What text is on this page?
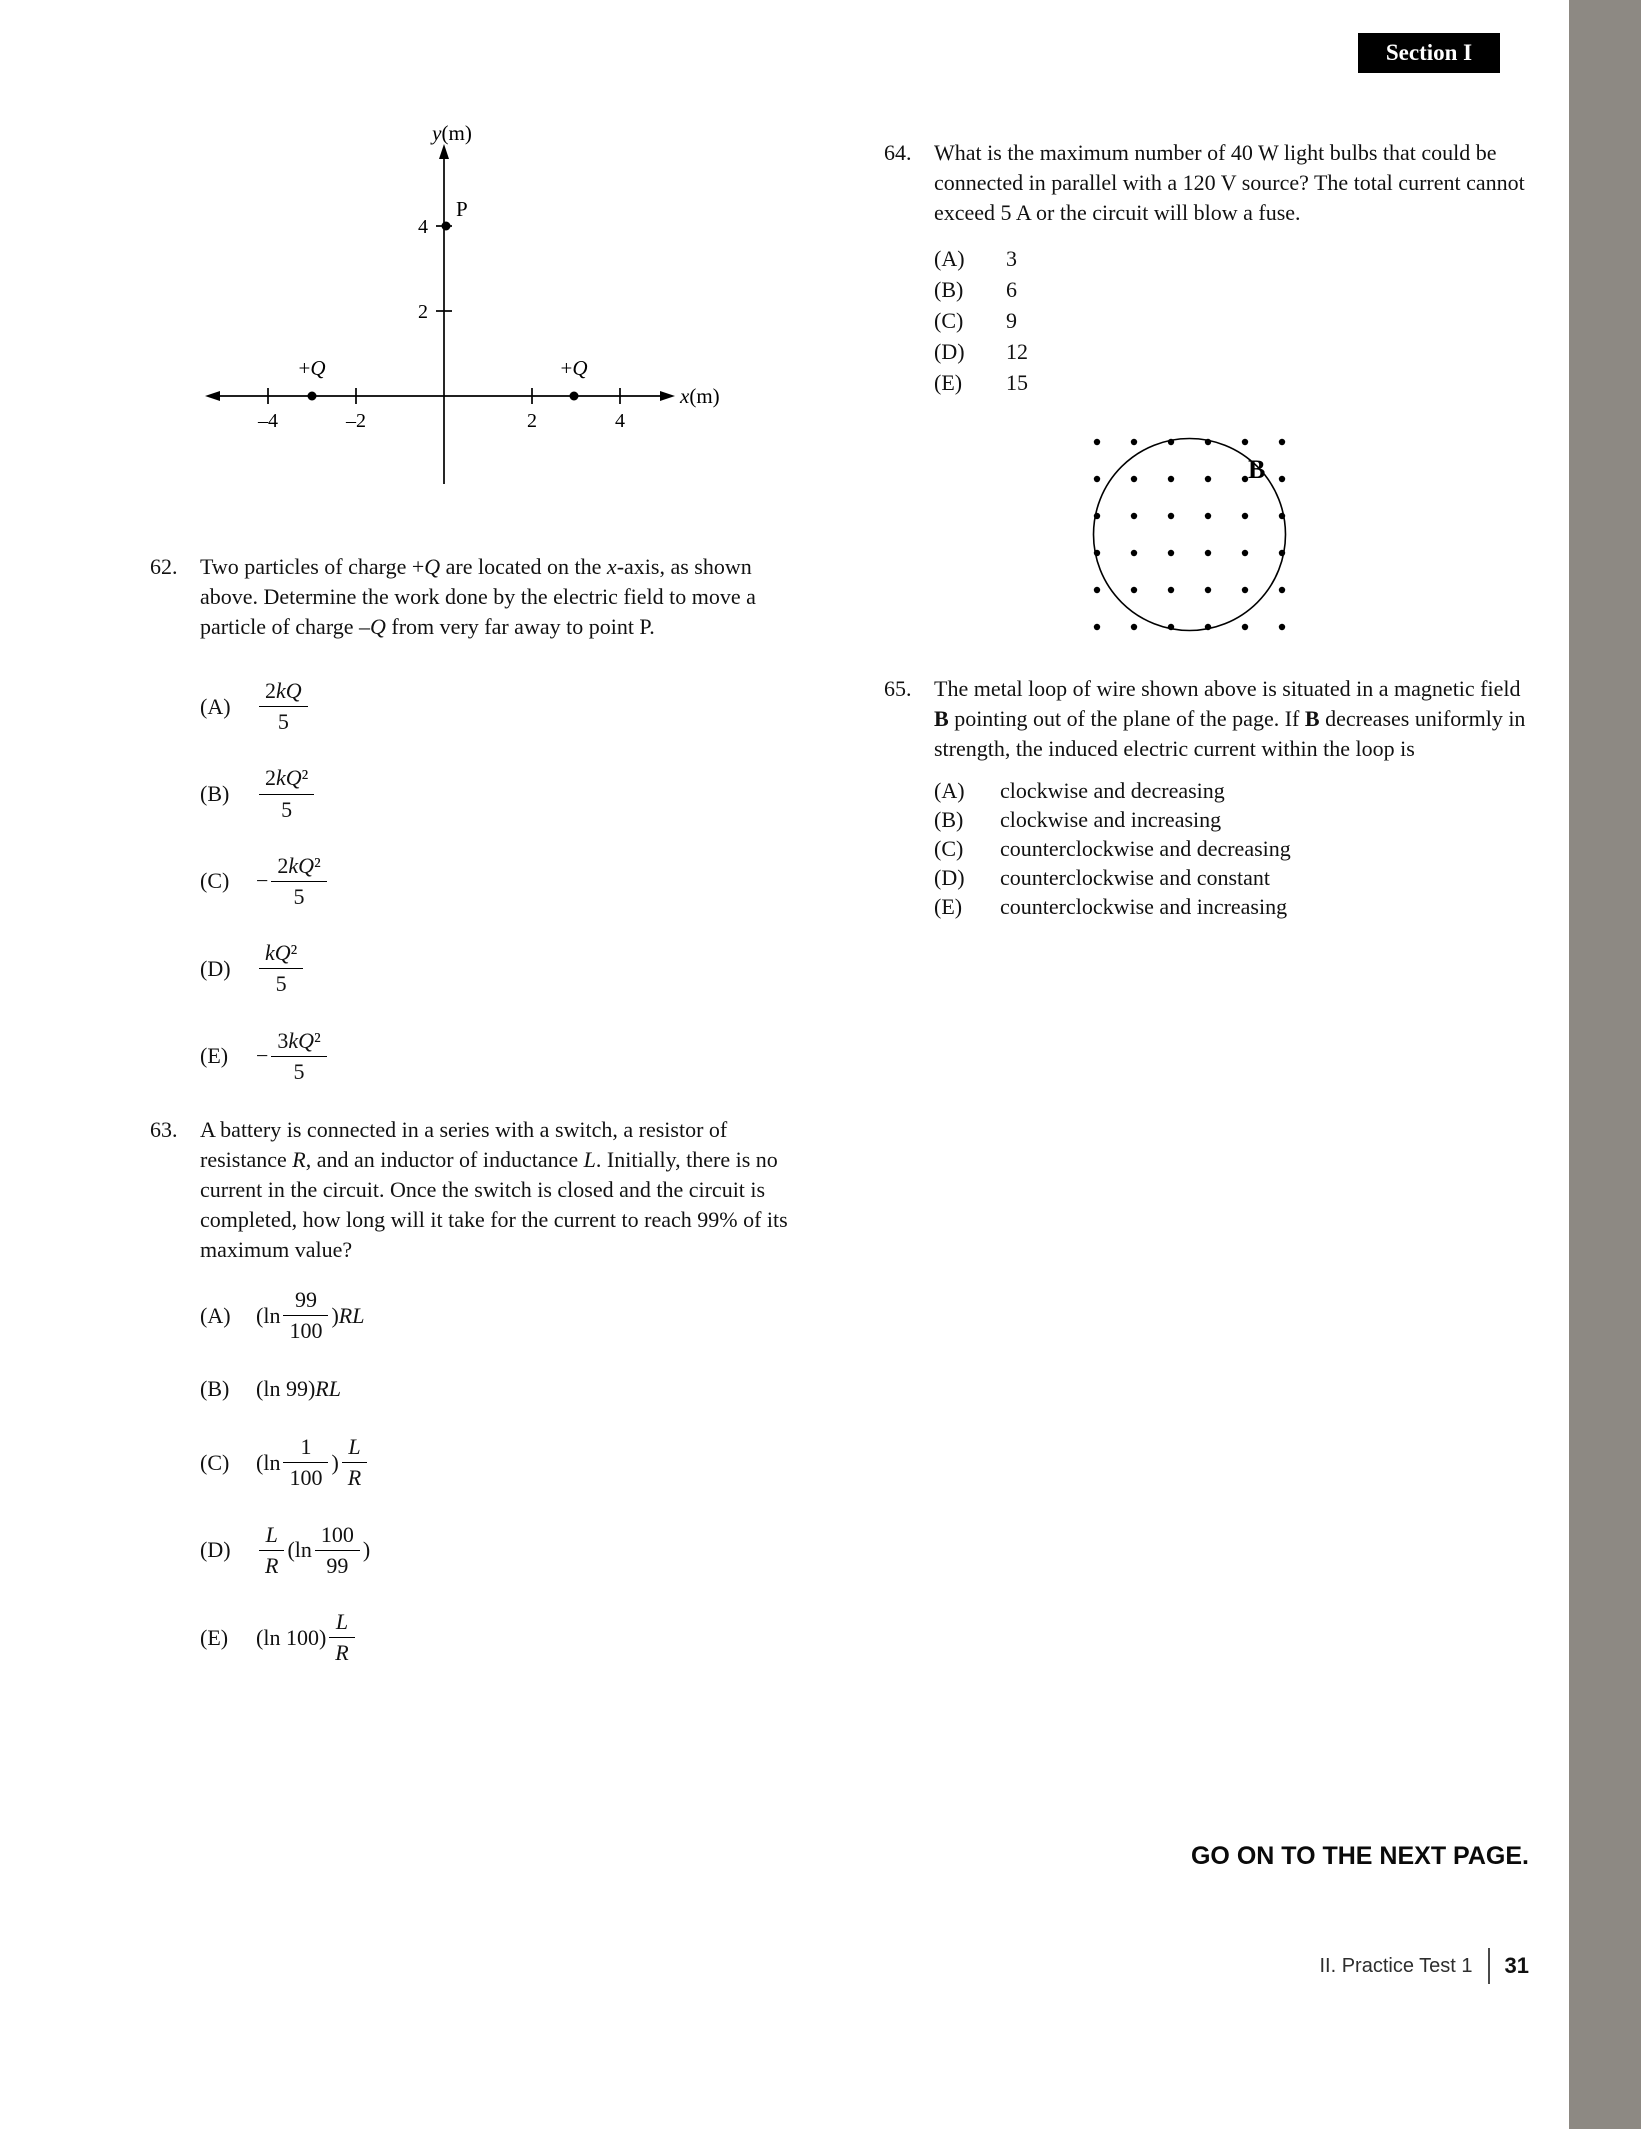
Section I
–4	–2	2	4
4
2
y(m)
x(m)
P
+Q	+Q
62.	Two particles of charge +Q are located on the x-axis, as shown above. Determine the work done by the electric field to move a particle of charge –Q from very far away to point P.
(A)	$\frac{2kQ}{5}$
(B)	$\frac{\text{2kQ²}}{5}$
(C)	− $\frac{\text{2kQ²}}{5}$
(D)	$\frac{\text{kQ²}}{5}$
(E)	− $\frac{\text{3kQ²}}{5}$
63.	A battery is connected in a series with a switch, a resistor of resistance R, and an inductor of inductance L. Initially, there is no current in the circuit. Once the switch is closed and the circuit is completed, how long will it take for the current to reach 99% of its maximum value?
(A)	($\ln \frac{99}{100}$ ) RL
(B)	(ln 99) RL
(C)	($\ln \frac{1}{100}$ ) $\frac{L}{R}$
(D)	$\frac{L}{R} (\ln \frac{100}{99}$ )
(E)	(ln $100) \frac{L}{R}$
64.	What is the maximum number of 40 W light bulbs that could be connected in parallel with a 120 V source? The total current cannot exceed 5 A or the circuit will blow a fuse.
(A)	3
(B)	6
(C)	9
(D)	12
(E)	15
B
65.	The metal loop of wire shown above is situated in a magnetic field B pointing out of the plane of the page. If B decreases uniformly in strength, the induced electric current within the loop is
(A)	clockwise and decreasing
(B)	clockwise and increasing
(C)	counterclockwise and decreasing
(D)	counterclockwise and constant
(E)	counterclockwise and increasing
GO ON TO THE NEXT PAGE.
II. Practice Test 1 31
